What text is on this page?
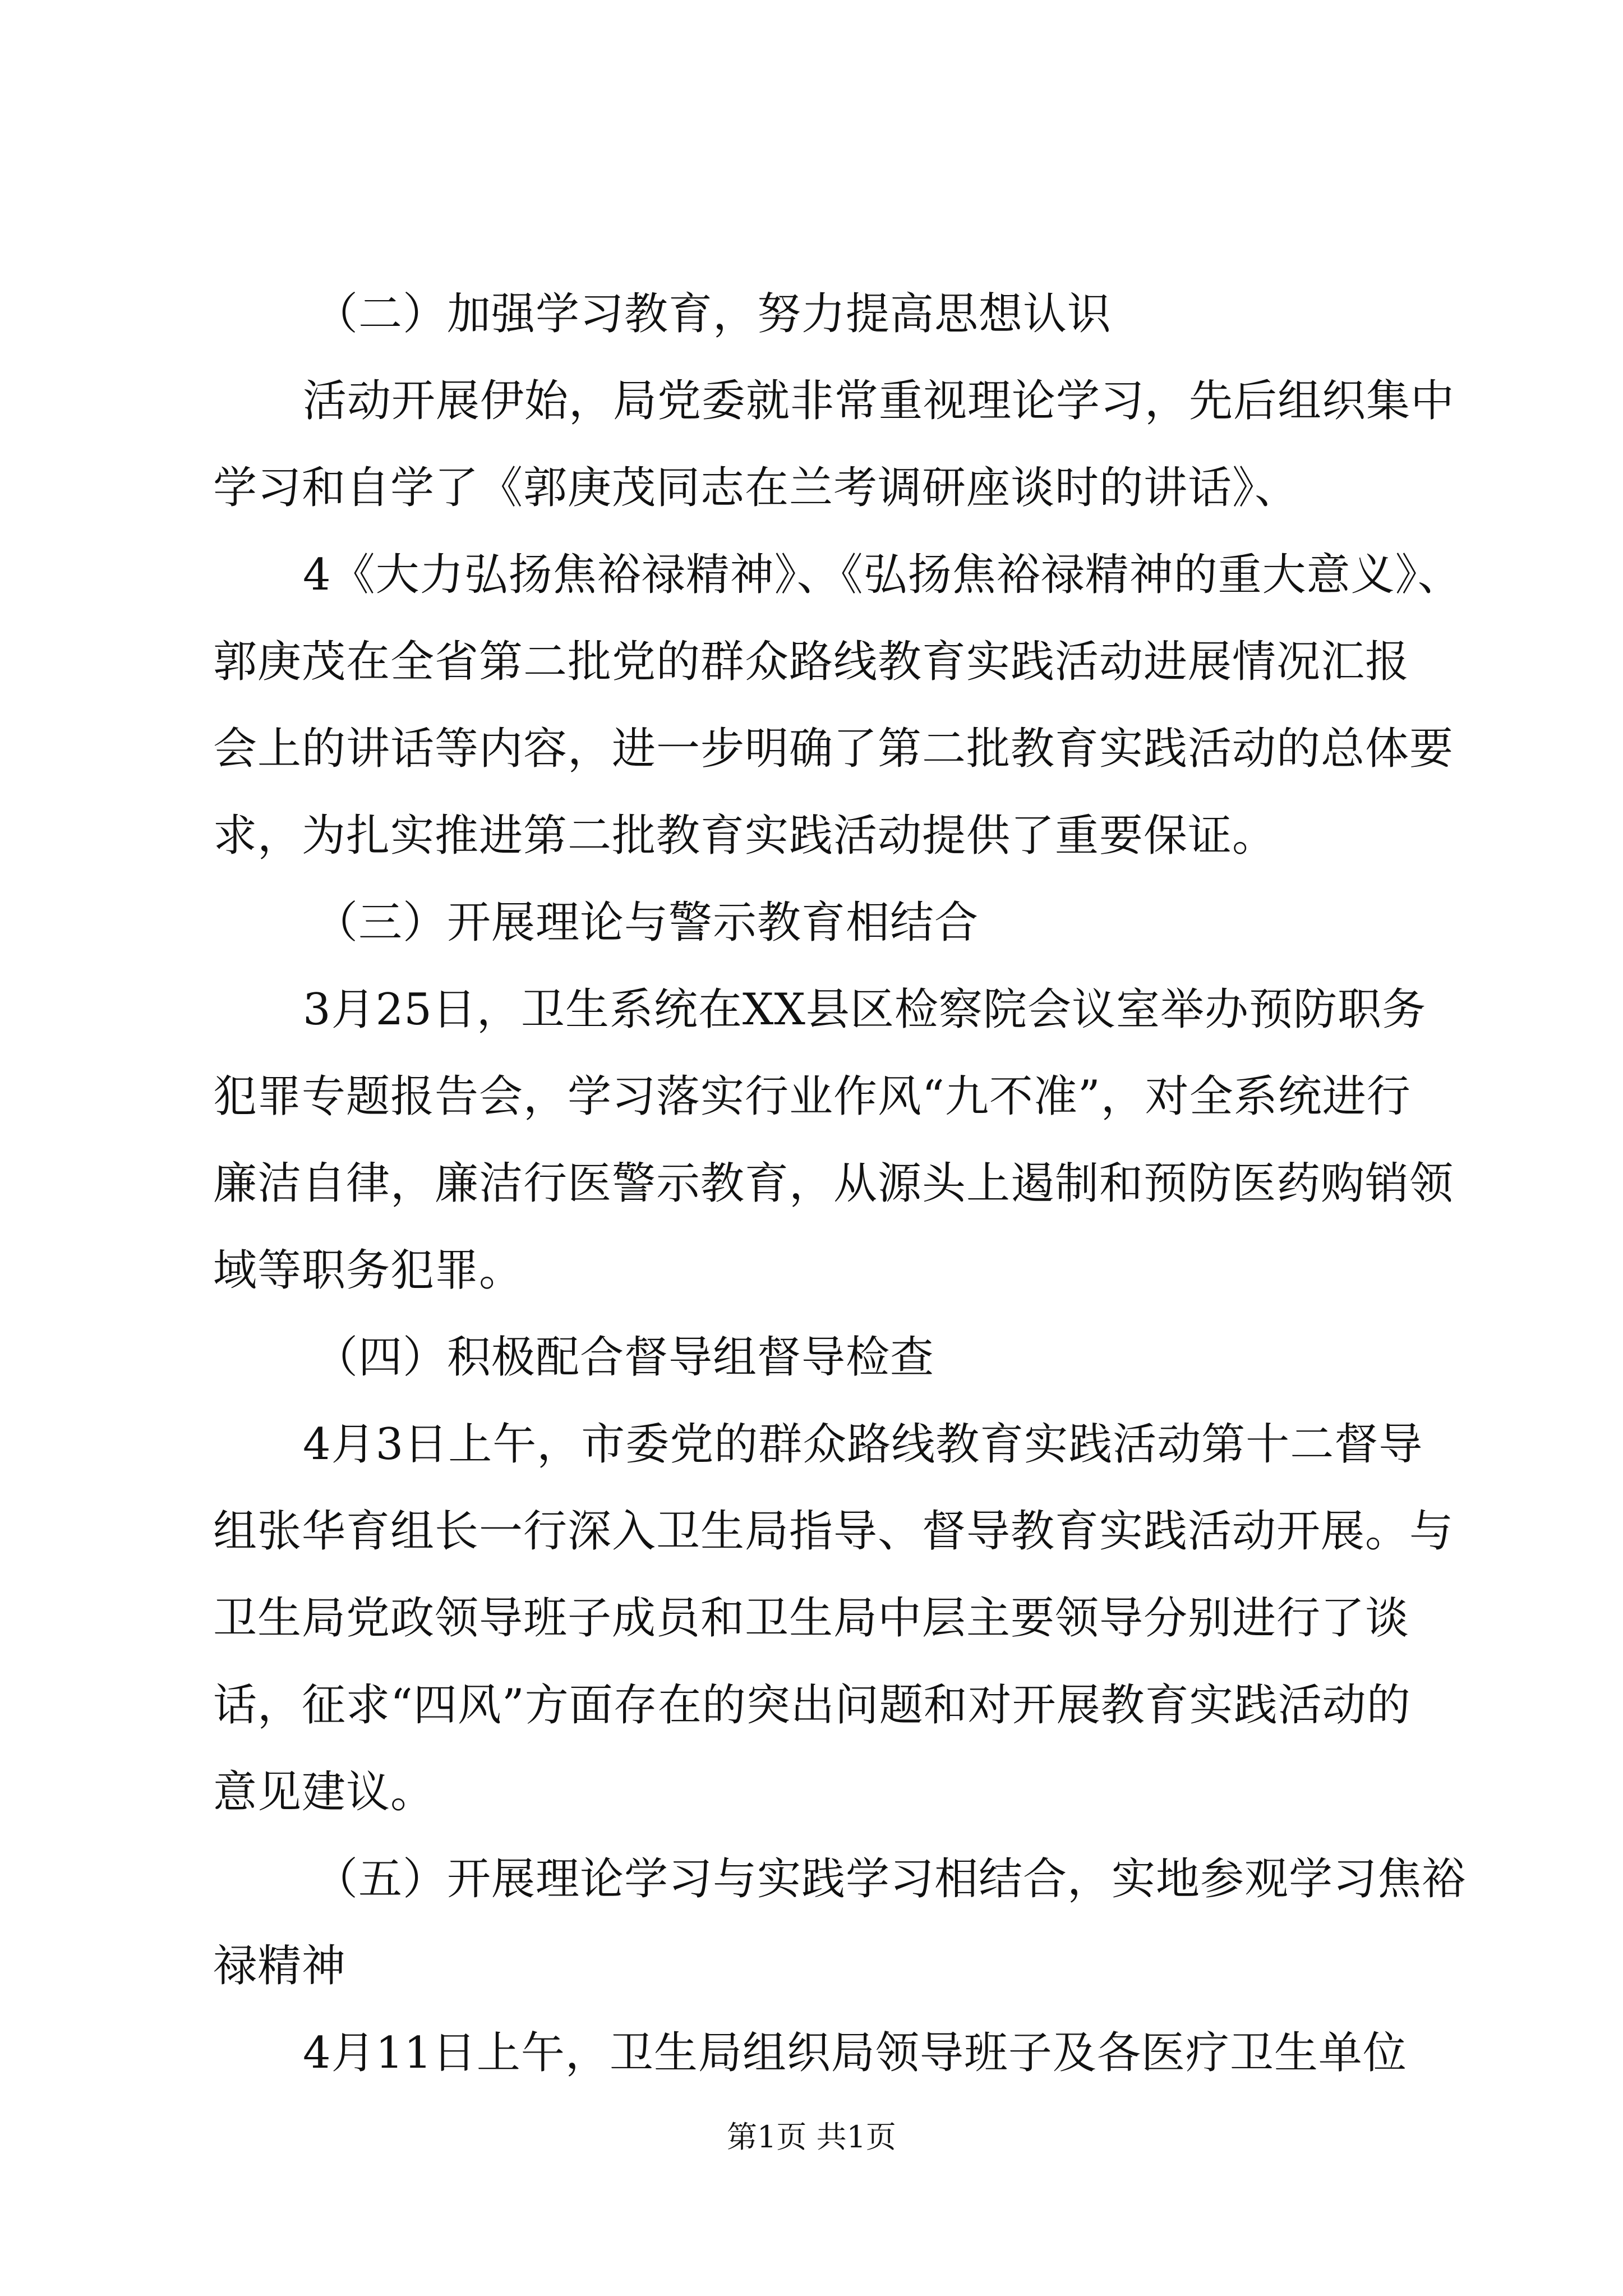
（二）加强学习教育，努力提高思想认识
活动开展伊始，局党委就非常重视理论学习，先后组织集中
学习和自学了《郭庚茂同志在兰考调研座谈时的讲话》、
4《大力弘扬焦裕禄精神》、《弘扬焦裕禄精神的重大意义》、
郭庚茂在全省第二批党的群众路线教育实践活动进展情况汇报
会上的讲话等内容，进一步明确了第二批教育实践活动的总体要
求，为扎实推进第二批教育实践活动提供了重要保证。
（三）开展理论与警示教育相结合
3月25日，卫生系统在XX县区检察院会议室举办预防职务
犯罪专题报告会，学习落实行业作风“九不准”，对全系统进行
廉洁自律，廉洁行医警示教育，从源头上遏制和预防医药购销领
域等职务犯罪。
（四）积极配合督导组督导检查
4月3日上午，市委党的群众路线教育实践活动第十二督导
组张华育组长一行深入卫生局指导、督导教育实践活动开展。与
卫生局党政领导班子成员和卫生局中层主要领导分别进行了谈
话，征求“四风”方面存在的突出问题和对开展教育实践活动的
意见建议。
（五）开展理论学习与实践学习相结合，实地参观学习焦裕
禄精神
4月11日上午，卫生局组织局领导班子及各医疗卫生单位
第1页 共1页
